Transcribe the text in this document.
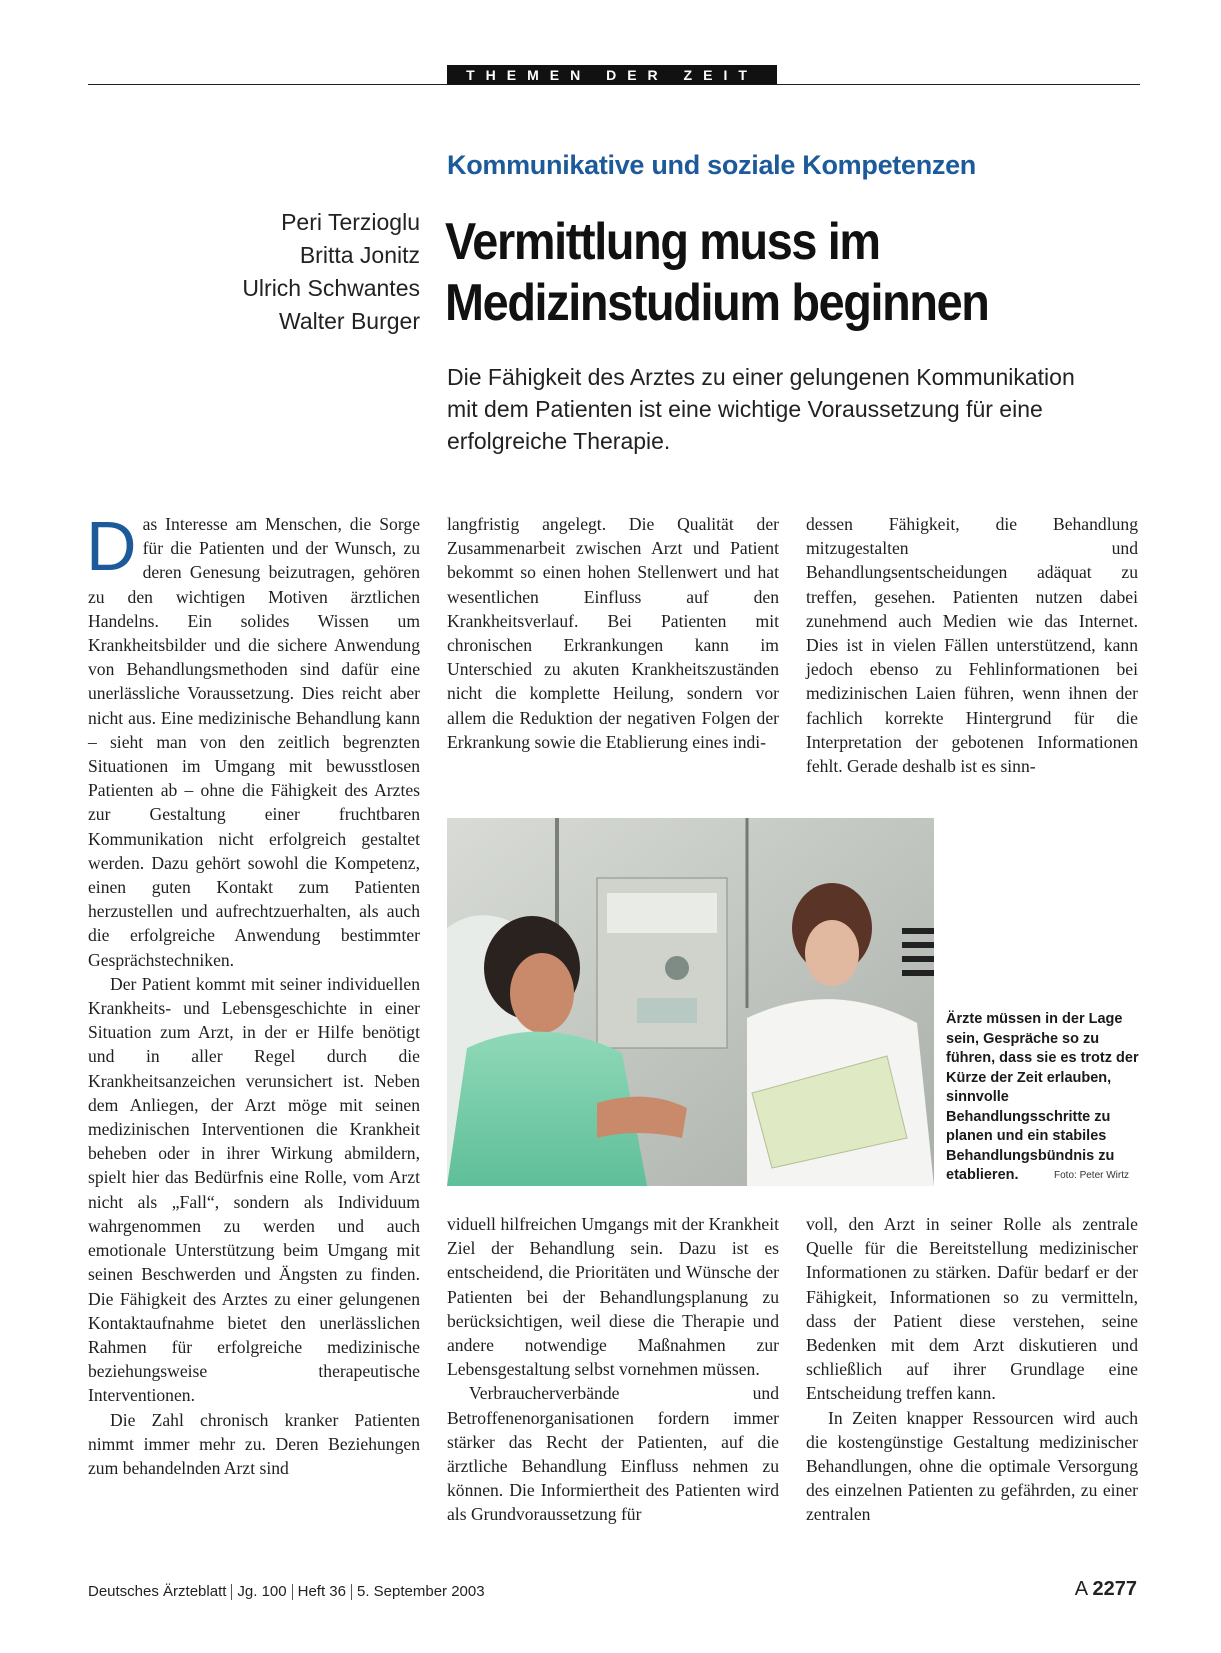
THEMEN DER ZEIT
Kommunikative und soziale Kompetenzen
Peri Terzioglu
Britta Jonitz
Ulrich Schwantes
Walter Burger
Vermittlung muss im
Medizinstudium beginnen

Die Fähigkeit des Arztes zu einer gelungenen Kommunikation mit dem Patienten ist eine wichtige Voraussetzung für eine erfolgreiche Therapie.

Das Interesse am Menschen, die Sorge für die Patienten und der Wunsch, zu deren Genesung beizutragen, gehören zu den wichtigen Motiven ärztlichen Handelns. Ein solides Wissen um Krankheitsbilder und die sichere Anwendung von Behandlungsmethoden sind dafür eine unerlässliche Voraussetzung. Dies reicht aber nicht aus. Eine medizinische Behandlung kann – sieht man von den zeitlich begrenzten Situationen im Umgang mit bewusstlosen Patienten ab – ohne die Fähigkeit des Arztes zur Gestaltung einer fruchtbaren Kommunikation nicht erfolgreich gestaltet werden. Dazu gehört sowohl die Kompetenz, einen guten Kontakt zum Patienten herzustellen und aufrechtzuerhalten, als auch die erfolgreiche Anwendung bestimmter Gesprächstechniken.

Der Patient kommt mit seiner individuellen Krankheits- und Lebensgeschichte in einer Situation zum Arzt, in der er Hilfe benötigt und in aller Regel durch die Krankheitsanzeichen verunsichert ist. Neben dem Anliegen, der Arzt möge mit seinen medizinischen Interventionen die Krankheit beheben oder in ihrer Wirkung abmildern, spielt hier das Bedürfnis eine Rolle, vom Arzt nicht als „Fall“, sondern als Individuum wahrgenommen zu werden und auch emotionale Unterstützung beim Umgang mit seinen Beschwerden und Ängsten zu finden. Die Fähigkeit des Arztes zu einer gelungenen Kontaktaufnahme bietet den unerlässlichen Rahmen für erfolgreiche medizinische beziehungsweise therapeutische Interventionen.

Die Zahl chronisch kranker Patienten nimmt immer mehr zu. Deren Beziehungen zum behandelnden Arzt sind

langfristig angelegt. Die Qualität der Zusammenarbeit zwischen Arzt und Patient bekommt so einen hohen Stellenwert und hat wesentlichen Einfluss auf den Krankheitsverlauf. Bei Patienten mit chronischen Erkrankungen kann im Unterschied zu akuten Krankheitszuständen nicht die komplette Heilung, sondern vor allem die Reduktion der negativen Folgen der Erkrankung sowie die Etablierung eines indi-

dessen Fähigkeit, die Behandlung mitzugestalten und Behandlungsentscheidungen adäquat zu treffen, gesehen. Patienten nutzen dabei zunehmend auch Medien wie das Internet. Dies ist in vielen Fällen unterstützend, kann jedoch ebenso zu Fehlinformationen bei medizinischen Laien führen, wenn ihnen der fachlich korrekte Hintergrund für die Interpretation der gebotenen Informationen fehlt. Gerade deshalb ist es sinn-

Ärzte müssen in der Lage sein, Gespräche so zu führen, dass sie es trotz der Kürze der Zeit erlauben, sinnvolle Behandlungsschritte zu planen und ein stabiles Behandlungsbündnis zu etablieren.	Foto: Peter Wirtz

viduell hilfreichen Umgangs mit der Krankheit Ziel der Behandlung sein. Dazu ist es entscheidend, die Prioritäten und Wünsche der Patienten bei der Behandlungsplanung zu berücksichtigen, weil diese die Therapie und andere notwendige Maßnahmen zur Lebensgestaltung selbst vornehmen müssen.

Verbraucherverbände und Betroffenenorganisationen fordern immer stärker das Recht der Patienten, auf die ärztliche Behandlung Einfluss nehmen zu können. Die Informiertheit des Patienten wird als Grundvoraussetzung für

voll, den Arzt in seiner Rolle als zentrale Quelle für die Bereitstellung medizinischer Informationen zu stärken. Dafür bedarf er der Fähigkeit, Informationen so zu vermitteln, dass der Patient diese verstehen, seine Bedenken mit dem Arzt diskutieren und schließlich auf ihrer Grundlage eine Entscheidung treffen kann.

In Zeiten knapper Ressourcen wird auch die kostengünstige Gestaltung medizinischer Behandlungen, ohne die optimale Versorgung des einzelnen Patienten zu gefährden, zu einer zentralen

Deutsches Ärzteblatt Jg. 100 Heft 36 5. September 2003	A 2277
